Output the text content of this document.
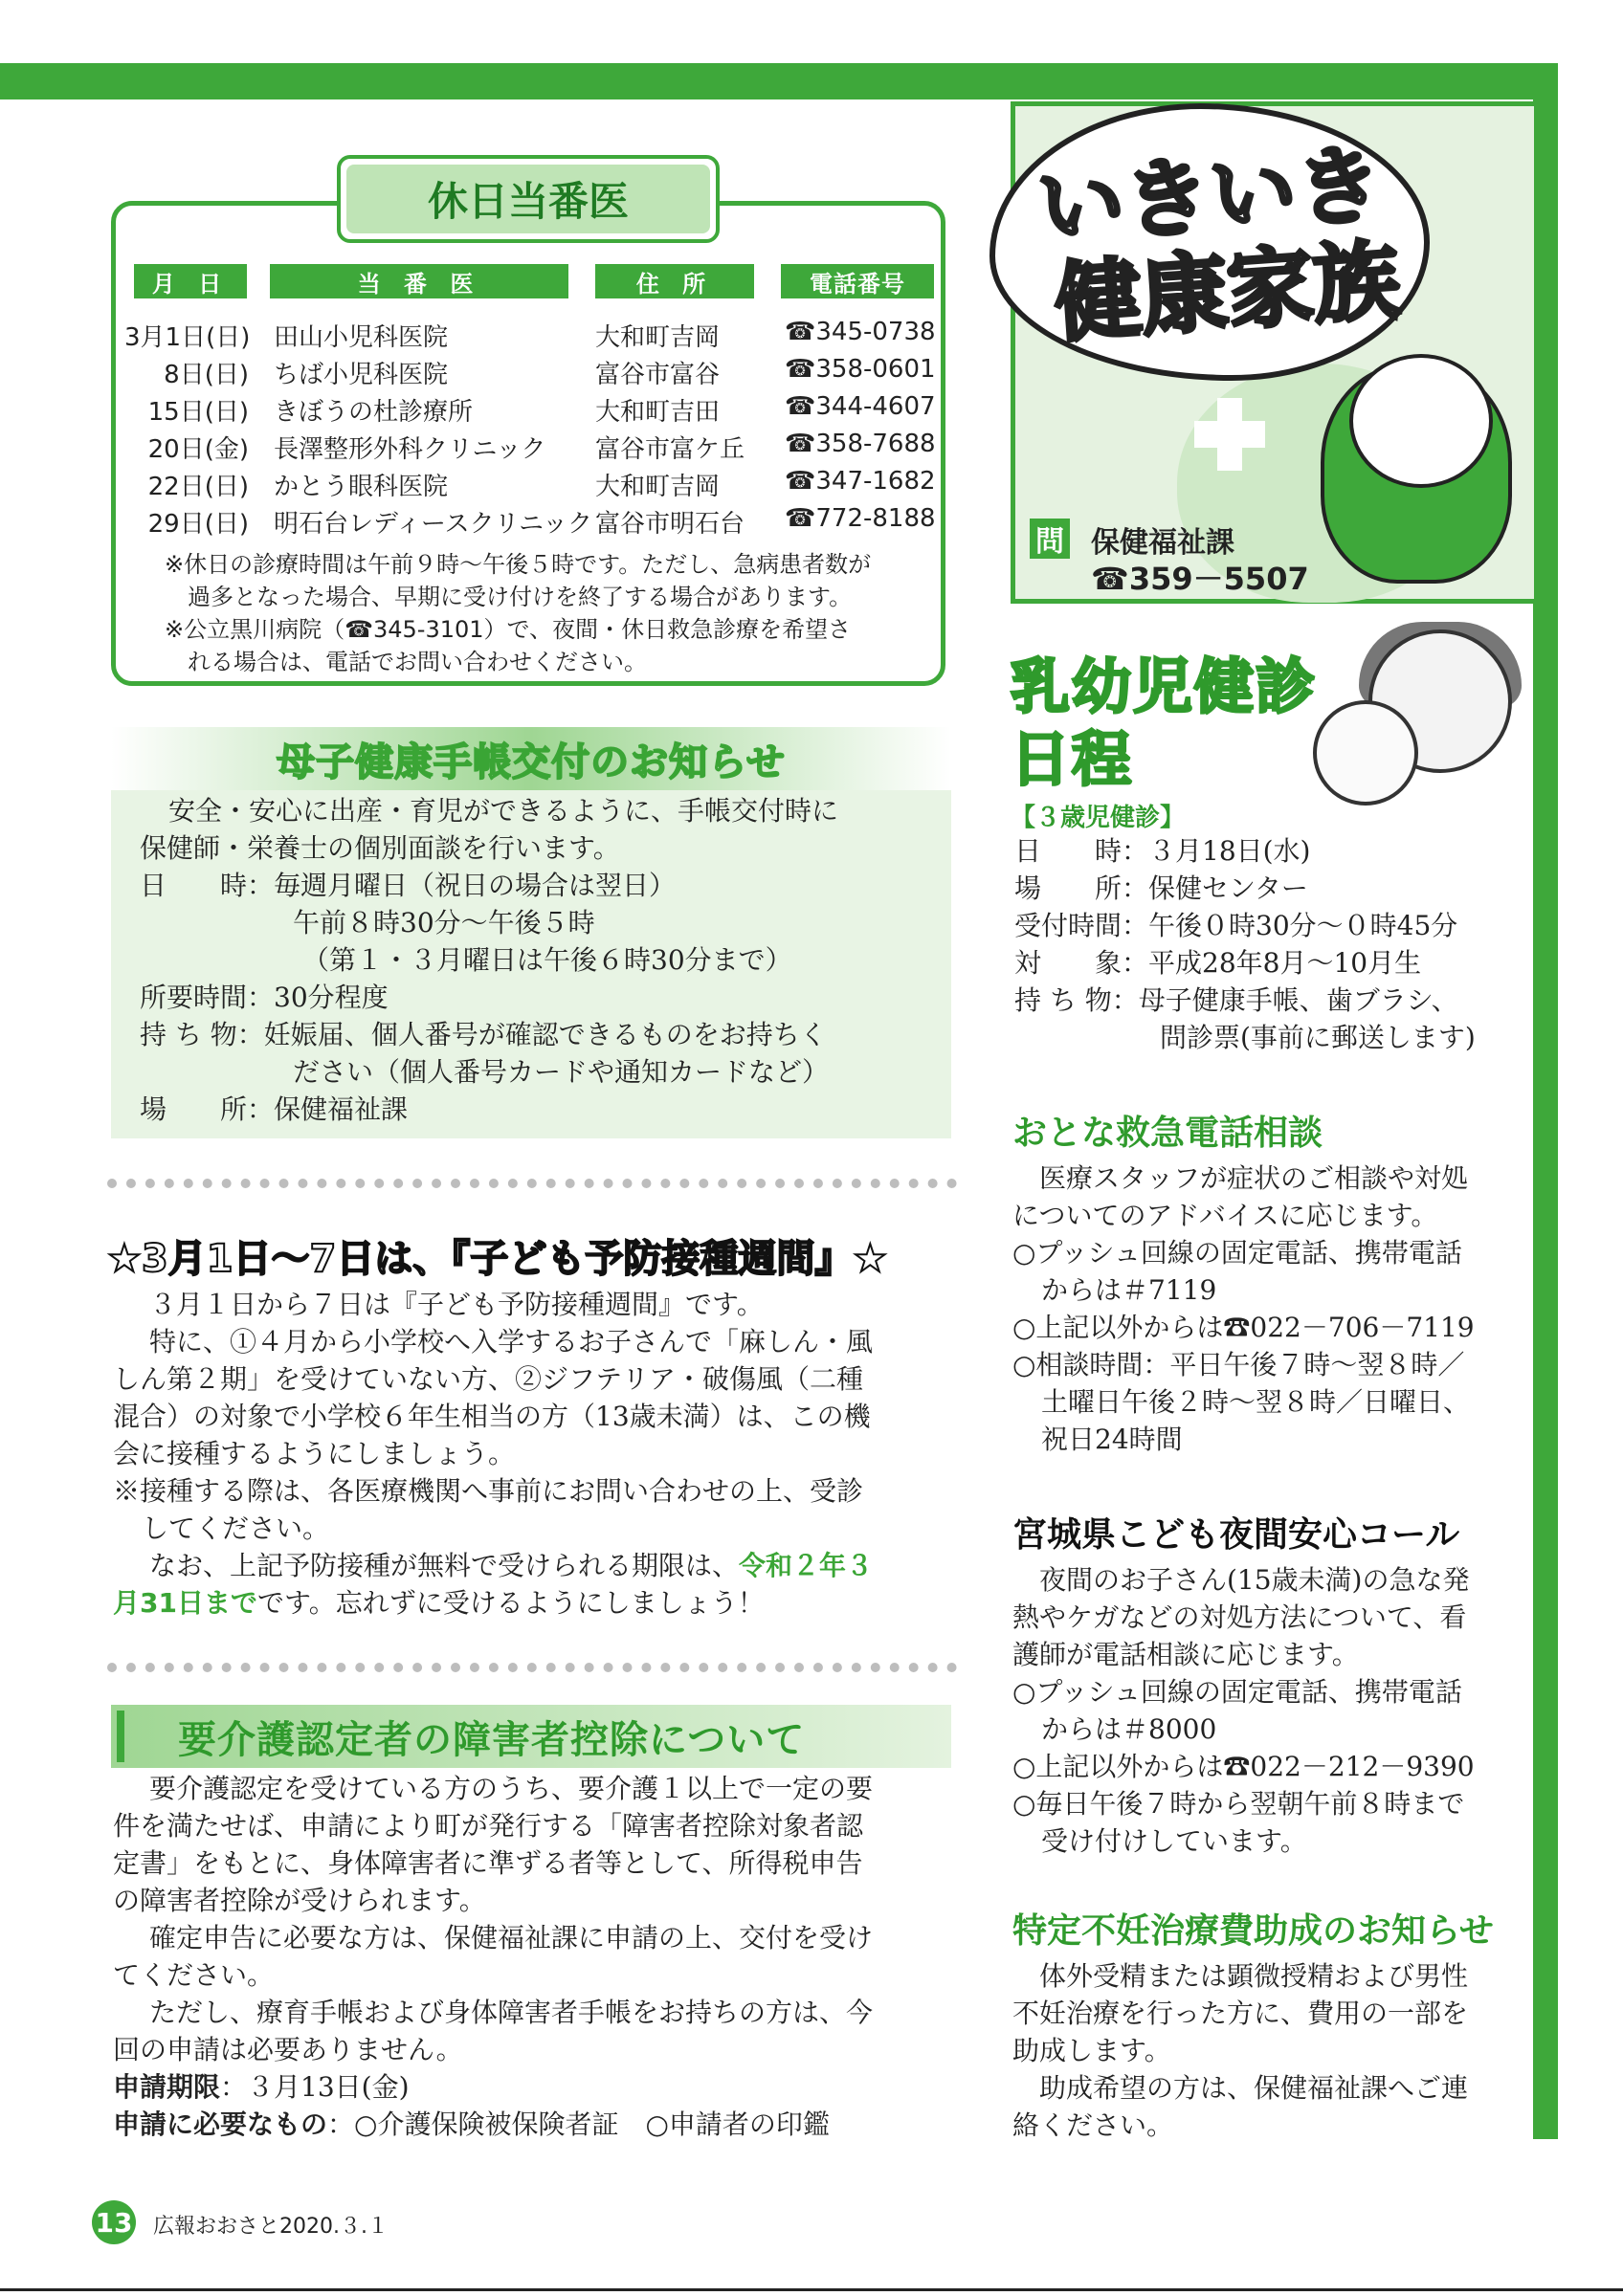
休日当番医
月 日	当 番 医	住 所	電話番号
3月1日(日) 田山小児科医院	大和町吉岡	☎345-0738
8日(日) ちば小児科医院	富谷市富谷	☎358-0601
15日(日) きぼうの杜診療所	大和町吉田	☎344-4607
20日(金) 長澤整形外科クリニック 富谷市富ケ丘 ☎358-7688
22日(日) かとう眼科医院	大和町吉岡	☎347-1682
29日(日) 明石台レディースクリニック 富谷市明石台 ☎772-8188
※休日の診療時間は午前９時～午後５時です。ただし、急病患者数が
過多となった場合、早期に受け付けを終了する場合があります。
※公立黒川病院（☎345-3101）で、夜間・休日救急診療を希望さ
れる場合は、電話でお問い合わせください。
母子健康手帳交付のお知らせ
安全・安心に出産・育児ができるように、手帳交付時に
保健師・栄養士の個別面談を行います。
日　　時：毎週月曜日（祝日の場合は翌日）
午前８時30分～午後５時
（第１・３月曜日は午後６時30分まで）
所要時間：30分程度
持 ち 物：妊娠届、個人番号が確認できるものをお持ちく
ださい（個人番号カードや通知カードなど）
場　　所：保健福祉課
★3月1日～7日は、『子ども予防接種週間』★
３月１日から７日は『子ども予防接種週間』です。
特に、①４月から小学校へ入学するお子さんで「麻しん・風
しん第２期」を受けていない方、②ジフテリア・破傷風（二種
混合）の対象で小学校６年生相当の方（13歳未満）は、この機
会に接種するようにしましょう。
※接種する際は、各医療機関へ事前にお問い合わせの上、受診
してください。
なお、上記予防接種が無料で受けられる期限は、令和２年３
月31日までです。忘れずに受けるようにしましょう！
要介護認定者の障害者控除について
要介護認定を受けている方のうち、要介護１以上で一定の要
件を満たせば、申請により町が発行する「障害者控除対象者認
定書」をもとに、身体障害者に準ずる者等として、所得税申告
の障害者控除が受けられます。
確定申告に必要な方は、保健福祉課に申請の上、交付を受け
てください。
ただし、療育手帳および身体障害者手帳をお持ちの方は、今
回の申請は必要ありません。
申請期限：３月13日(金)
申請に必要なもの：○介護保険被保険者証　○申請者の印鑑
いきいき
健康家族
問 保健福祉課
☎359－5507
乳幼児健診
日程
【３歳児健診】
日　　時：３月18日(水)
場　　所：保健センター
受付時間：午後０時30分～０時45分
対　　象：平成28年8月～10月生
持 ち 物：母子健康手帳、歯ブラシ、
問診票(事前に郵送します)
おとな救急電話相談
医療スタッフが症状のご相談や対処
についてのアドバイスに応じます。
○プッシュ回線の固定電話、携帯電話
からは＃7119
○上記以外からは☎022－706－7119
○相談時間：平日午後７時～翌８時／
土曜日午後２時～翌８時／日曜日、
祝日24時間
宮城県こども夜間安心コール
夜間のお子さん(15歳未満)の急な発
熱やケガなどの対処方法について、看
護師が電話相談に応じます。
○プッシュ回線の固定電話、携帯電話
からは＃8000
○上記以外からは☎022－212－9390
○毎日午後７時から翌朝午前８時まで
受け付けしています。
特定不妊治療費助成のお知らせ
体外受精または顕微授精および男性
不妊治療を行った方に、費用の一部を
助成します。
助成希望の方は、保健福祉課へご連
絡ください。
13 広報おおさと2020.３.１
